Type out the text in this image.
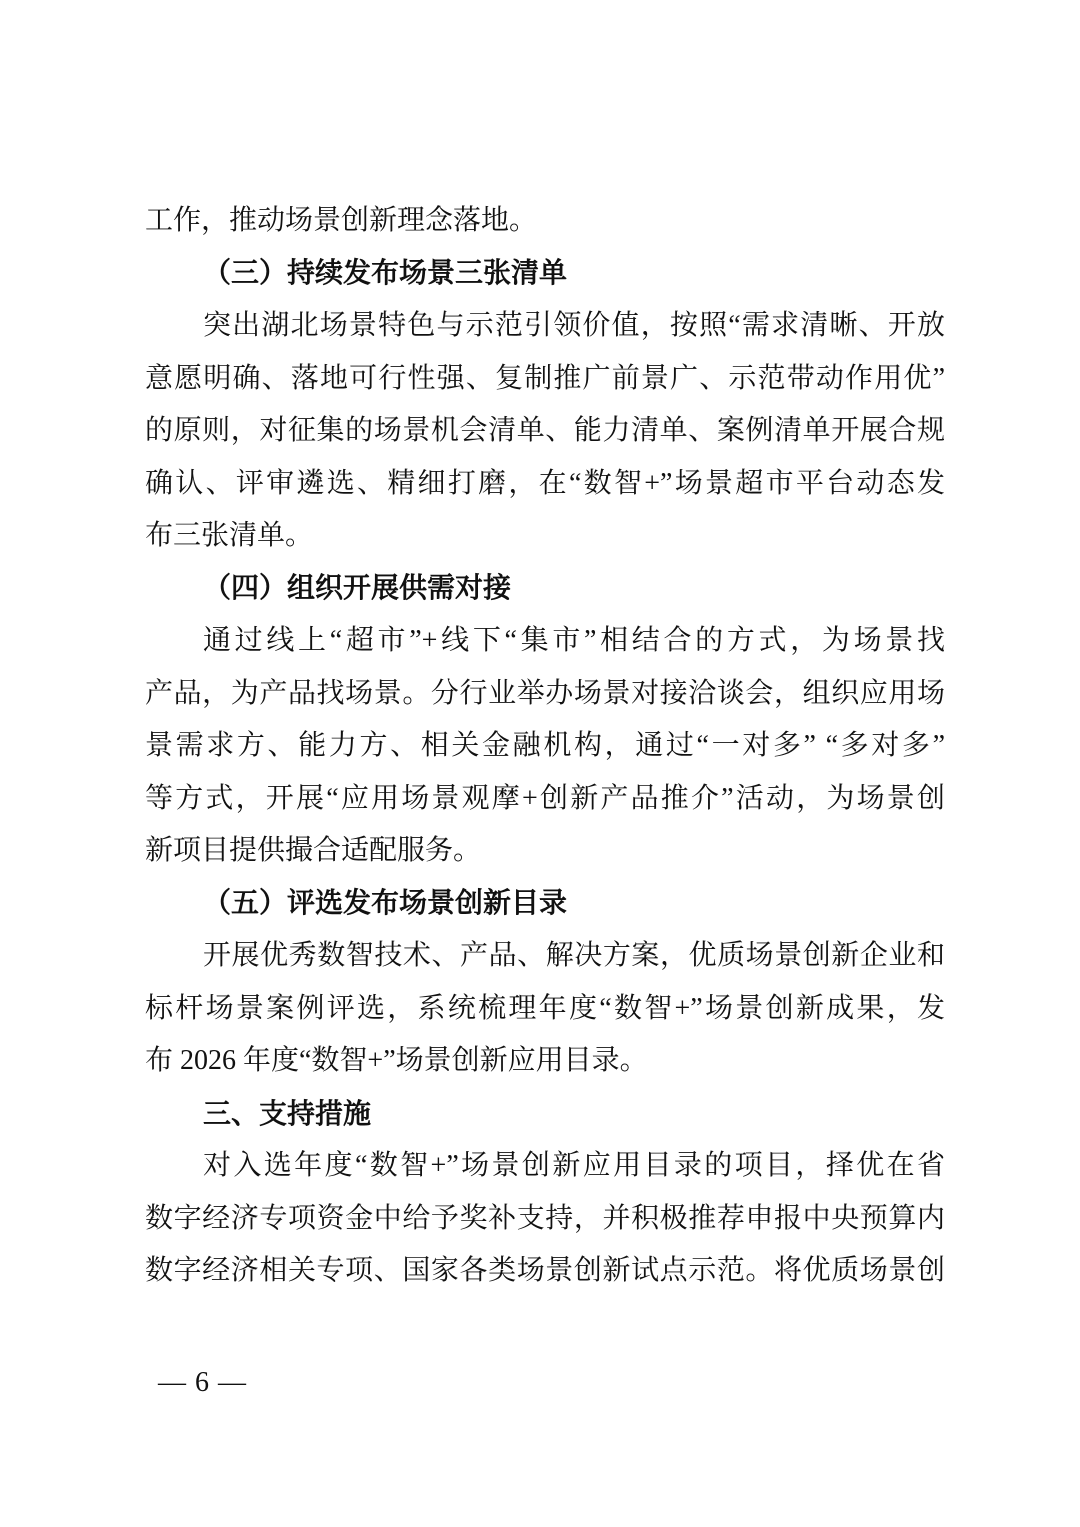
工作，推动场景创新理念落地。
（三）持续发布场景三张清单
突出湖北场景特色与示范引领价值，按照“需求清晰、开放
意愿明确、落地可行性强、复制推广前景广、示范带动作用优”
的原则，对征集的场景机会清单、能力清单、案例清单开展合规
确认、评审遴选、精细打磨，在“数智+”场景超市平台动态发
布三张清单。
（四）组织开展供需对接
通过线上“超市”+线下“集市”相结合的方式，为场景找
产品，为产品找场景。分行业举办场景对接洽谈会，组织应用场
景需求方、能力方、相关金融机构，通过“一对多” “多对多”
等方式，开展“应用场景观摩+创新产品推介”活动，为场景创
新项目提供撮合适配服务。
（五）评选发布场景创新目录
开展优秀数智技术、产品、解决方案，优质场景创新企业和
标杆场景案例评选，系统梳理年度“数智+”场景创新成果，发
布 2026 年度“数智+”场景创新应用目录。
三、支持措施
对入选年度“数智+”场景创新应用目录的项目，择优在省
数字经济专项资金中给予奖补支持，并积极推荐申报中央预算内
数字经济相关专项、国家各类场景创新试点示范。将优质场景创
— 6 —
